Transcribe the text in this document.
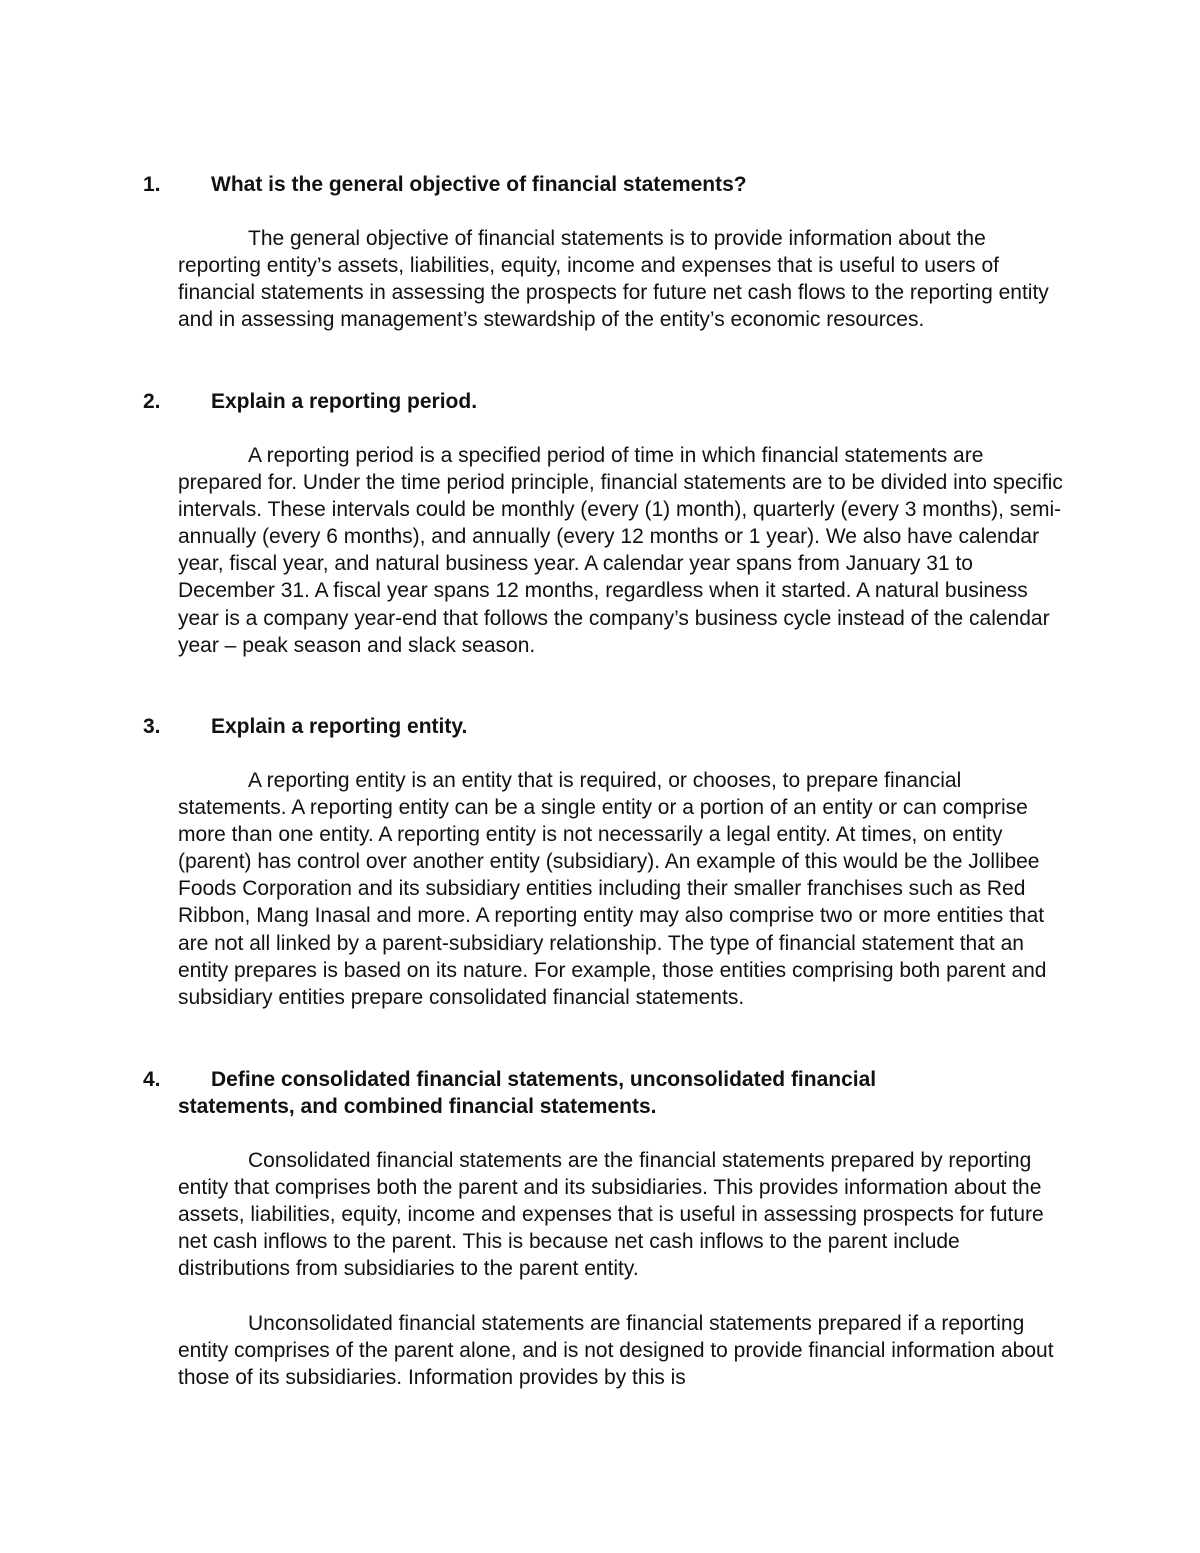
1. What is the general objective of financial statements?

The general objective of financial statements is to provide information about the reporting entity’s assets, liabilities, equity, income and expenses that is useful to users of financial statements in assessing the prospects for future net cash flows to the reporting entity and in assessing management’s stewardship of the entity’s economic resources.

2. Explain a reporting period.

A reporting period is a specified period of time in which financial statements are prepared for. Under the time period principle, financial statements are to be divided into specific intervals. These intervals could be monthly (every (1) month), quarterly (every 3 months), semi-annually (every 6 months), and annually (every 12 months or 1 year). We also have calendar year, fiscal year, and natural business year. A calendar year spans from January 31 to December 31. A fiscal year spans 12 months, regardless when it started. A natural business year is a company year-end that follows the company’s business cycle instead of the calendar year – peak season and slack season.

3. Explain a reporting entity.

A reporting entity is an entity that is required, or chooses, to prepare financial statements. A reporting entity can be a single entity or a portion of an entity or can comprise more than one entity. A reporting entity is not necessarily a legal entity. At times, on entity (parent) has control over another entity (subsidiary). An example of this would be the Jollibee Foods Corporation and its subsidiary entities including their smaller franchises such as Red Ribbon, Mang Inasal and more. A reporting entity may also comprise two or more entities that are not all linked by a parent-subsidiary relationship. The type of financial statement that an entity prepares is based on its nature. For example, those entities comprising both parent and subsidiary entities prepare consolidated financial statements.

4. Define consolidated financial statements, unconsolidated financial
statements, and combined financial statements.

Consolidated financial statements are the financial statements prepared by reporting entity that comprises both the parent and its subsidiaries. This provides information about the assets, liabilities, equity, income and expenses that is useful in assessing prospects for future net cash inflows to the parent. This is because net cash inflows to the parent include distributions from subsidiaries to the parent entity.

Unconsolidated financial statements are financial statements prepared if a reporting entity comprises of the parent alone, and is not designed to provide financial information about those of its subsidiaries. Information provides by this is
